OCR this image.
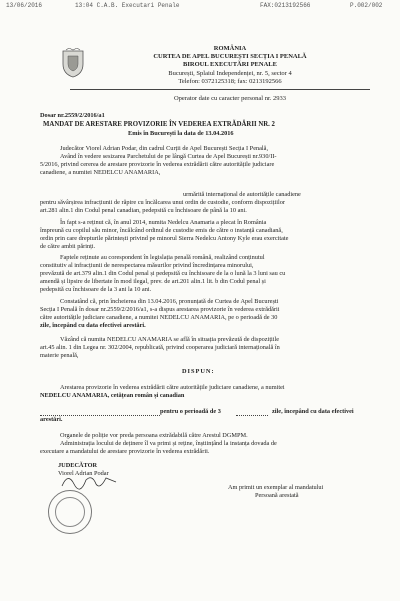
13/06/2016	13:04 C.A.B. Executari Penale	FAX:0213192566	P.002/002
ROMÂNIA
CURTEA DE APEL BUCUREȘTI SECȚIA I PENALĂ
BIROUL EXECUTĂRI PENALE
București, Splaiul Independenței, nr. 5, sector 4
Telefon: 0372125318; fax: 0213192566
Operator date cu caracter personal nr. 2933
Dosar nr.2559/2/2016/a1
MANDAT DE ARESTARE PROVIZORIE ÎN VEDEREA EXTRĂDĂRII NR. 2
Emis în București la data de 13.04.2016
Judecător Viorel Adrian Podar, din cadrul Curții de Apel București Secția I Penală,
Având în vedere sesizarea Parchetului de pe lângă Curtea de Apel București nr.930/II-
5/2016, privind cererea de arestare provizorie în vederea extrădării către autoritățile judiciare
canadiene, a numitei NEDELCU ANAMARIA,
urmărită internațional de autoritățile canadiene
pentru săvârșirea infracțiunii de răpire cu încălcarea unui ordin de custodie, conform dispozițiilor
art.281 alin.1 din Codul penal canadian, pedepsită cu închisoare de până la 10 ani.
În fapt s-a reținut că, în anul 2014, numita Nedelcu Anamaria a plecat în România
împreună cu copilul său minor, încălcând ordinul de custodie emis de către o instanță canadiană,
ordin prin care drepturile părintești privind pe minorul Sierra Nedelcu Antony Kyle erau exercitate
de către ambii părinți.
Faptele reținute au corespondent în legislația penală română, realizând conținutul
constitutiv al infracțiunii de nerespectarea măsurilor privind încredințarea minorului,
prevăzută de art.379 alin.1 din Codul penal și pedepsită cu închisoare de la o lună la 3 luni sau cu
amendă și lipsire de libertate în mod ilegal, prev. de art.201 alin.1 lit. b din Codul penal și
pedepsită cu închisoare de la 3 ani la 10 ani.
Constatând că, prin încheierea din 13.04.2016, pronunțată de Curtea de Apel București
Secția I Penală în dosar nr.2559/2/2016/a1, s-a dispus arestarea provizorie în vederea extrădării
către autoritățile judiciare canadiene, a numitei NEDELCU ANAMARIA, pe o perioadă de 30
zile, începând cu data efectivei arestări.
Văzând că numita NEDELCU ANAMARIA se află în situația prevăzută de dispozițiile
art.45 alin. 1 din Legea nr. 302/2004, republicată, privind cooperarea judiciară internațională în
materie penală,
DISPUN:
Arestarea provizorie în vederea extrădării către autoritățile judiciare canadiene, a numitei
NEDELCU ANAMARIA, cetățean român și canadian
pentru o perioadă de 3	zile, începând cu data efectivei
arestări.
Organele de poliție vor preda persoana extrădabilă către Arestul DGMPM.
Administrația locului de deținere îl va primi și reține, înștiințând la instanța dovada de
executare a mandatului de arestare provizorie în vederea extrădării.
JUDECĂTOR
Viorel Adrian Podar
Am primit un exemplar al mandatului
Persoană arestată
